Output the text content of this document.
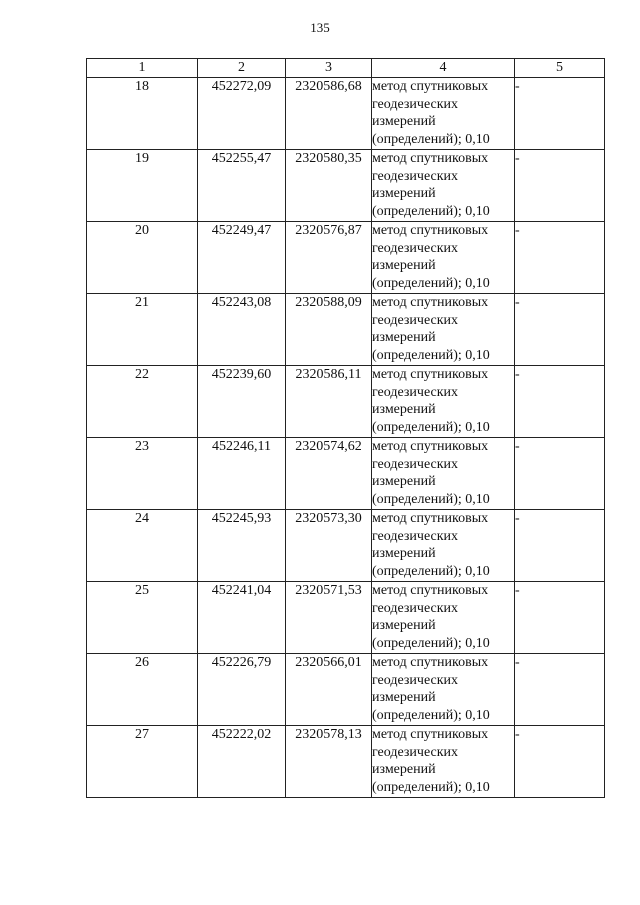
135
1	2	3	4	5
18	452272,09	2320586,68	метод спутниковых
геодезических
измерений
(определений); 0,10	-
19	452255,47	2320580,35	метод спутниковых
геодезических
измерений
(определений); 0,10	-
20	452249,47	2320576,87	метод спутниковых
геодезических
измерений
(определений); 0,10	-
21	452243,08	2320588,09	метод спутниковых
геодезических
измерений
(определений); 0,10	-
22	452239,60	2320586,11	метод спутниковых
геодезических
измерений
(определений); 0,10	-
23	452246,11	2320574,62	метод спутниковых
геодезических
измерений
(определений); 0,10	-
24	452245,93	2320573,30	метод спутниковых
геодезических
измерений
(определений); 0,10	-
25	452241,04	2320571,53	метод спутниковых
геодезических
измерений
(определений); 0,10	-
26	452226,79	2320566,01	метод спутниковых
геодезических
измерений
(определений); 0,10	-
27	452222,02	2320578,13	метод спутниковых
геодезических
измерений
(определений); 0,10	-
